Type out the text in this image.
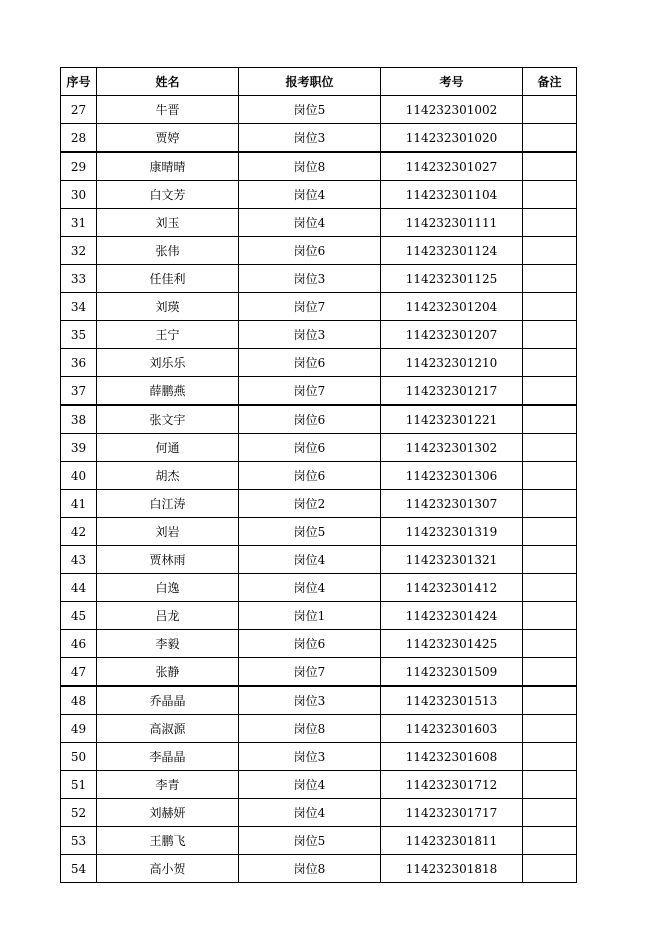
序号	姓名	报考职位	考号	备注
27	牛晋	岗位5	114232301002	
28	贾婷	岗位3	114232301020	
29	康晴晴	岗位8	114232301027	
30	白文芳	岗位4	114232301104	
31	刘玉	岗位4	114232301111	
32	张伟	岗位6	114232301124	
33	任佳利	岗位3	114232301125	
34	刘瑛	岗位7	114232301204	
35	王宁	岗位3	114232301207	
36	刘乐乐	岗位6	114232301210	
37	薛鹏燕	岗位7	114232301217	
38	张文宇	岗位6	114232301221	
39	何通	岗位6	114232301302	
40	胡杰	岗位6	114232301306	
41	白江涛	岗位2	114232301307	
42	刘岩	岗位5	114232301319	
43	贾林雨	岗位4	114232301321	
44	白逸	岗位4	114232301412	
45	吕龙	岗位1	114232301424	
46	李毅	岗位6	114232301425	
47	张静	岗位7	114232301509	
48	乔晶晶	岗位3	114232301513	
49	高淑源	岗位8	114232301603	
50	李晶晶	岗位3	114232301608	
51	李青	岗位4	114232301712	
52	刘赫妍	岗位4	114232301717	
53	王鹏飞	岗位5	114232301811	
54	高小贺	岗位8	114232301818	
